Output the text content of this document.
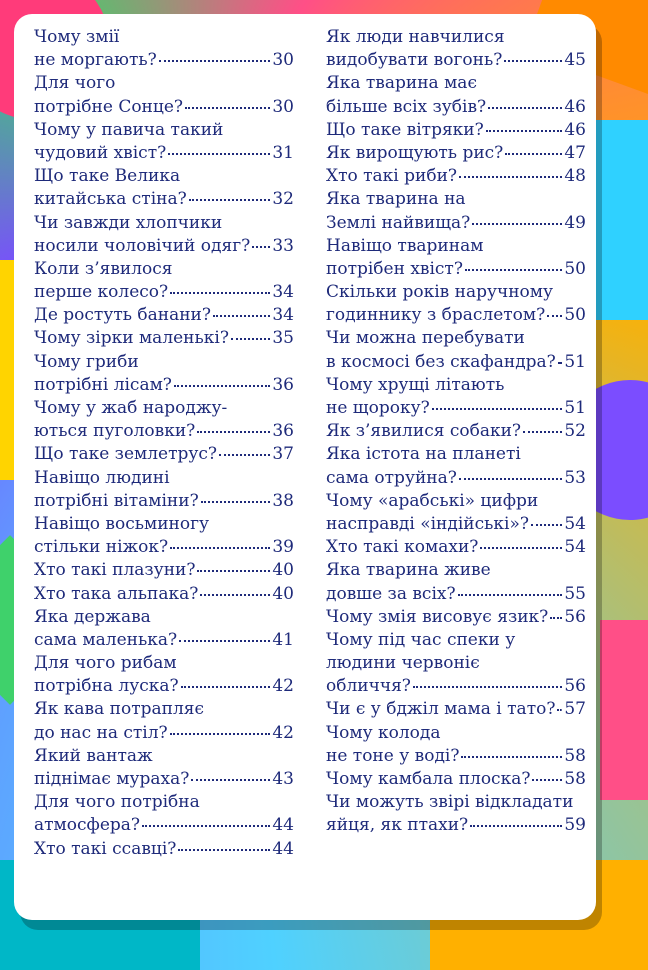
Чому змії
не моргають?	30
Для чого
потрібне Сонце?	30
Чому у павича такий
чудовий хвіст?	31
Що таке Велика
китайська стіна?	32
Чи завжди хлопчики
носили чоловічий одяг? 33
Коли з’явилося
перше колесо?	34
Де ростуть банани?	34
Чому зірки маленькі?	35
Чому гриби
потрібні лісам?	36
Чому у жаб народжу-
ються пуголовки?	36
Що таке землетрус?	37
Навіщо людині
потрібні вітаміни?	38
Навіщо восьминогу
стільки ніжок?	39
Хто такі плазуни?	40
Хто така альпака?	40
Яка держава
сама маленька?	41
Для чого рибам
потрібна луска?	42
Як кава потрапляє
до нас на стіл?	42
Який вантаж
піднімає мураха?	43
Для чого потрібна
атмосфера?	44
Хто такі ссавці?	44
Як люди навчилися
видобувати вогонь?	45
Яка тварина має
більше всіх зубів?	46
Що таке вітряки?	46
Як вирощують рис?	47
Хто такі риби?	48
Яка тварина на
Землі найвища?	49
Навіщо тваринам
потрібен хвіст?	50
Скільки років наручному
годиннику з браслетом? 50
Чи можна перебувати
в космосі без скафандра? 51
Чому хрущі літають
не щороку?	51
Як з’явилися собаки?	52
Яка істота на планеті
сама отруйна?	53
Чому «арабські» цифри
насправді «індійські»? 54
Хто такі комахи?	54
Яка тварина живе
довше за всіх?	55
Чому змія висовує язик? 56
Чому під час спеки у
людини червоніє
обличчя?	56
Чи є у бджіл мама і тато? 57
Чому колода
не тоне у воді?	58
Чому камбала плоска? 58
Чи можуть звірі відкладати
яйця, як птахи?	59
